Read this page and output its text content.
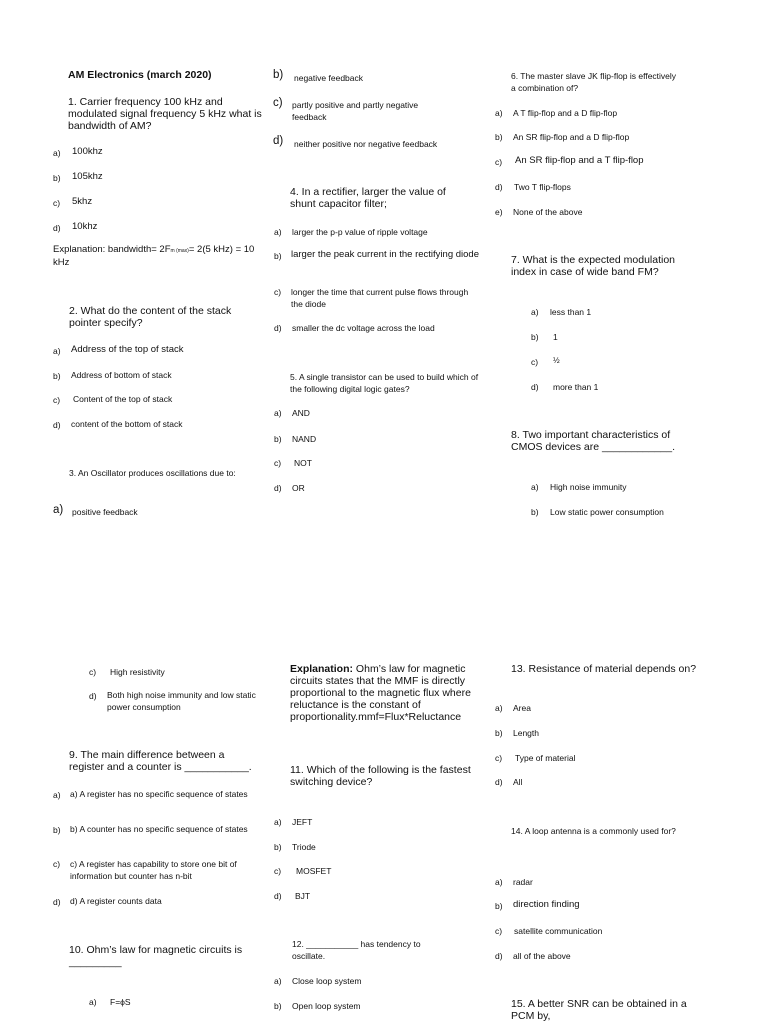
AM Electronics (march 2020)
1. Carrier frequency 100 kHz and modulated signal frequency 5 kHz what is bandwidth of AM?
a) 100khz
b) 105khz
c) 5khz
d) 10khz
Explanation: bandwidth= 2Fm (max)= 2(5 kHz) = 10 kHz
2. What do the content of the stack pointer specify?
a) Address of the top of stack
b) Address of bottom of stack
c) Content of the top of stack
d) content of the bottom of stack
3. An Oscillator produces oscillations due to:
a) positive feedback
b) negative feedback
c) partly positive and partly negative feedback
d) neither positive nor negative feedback
4. In a rectifier, larger the value of shunt capacitor filter;
a) larger the p-p value of ripple voltage
b) larger the peak current in the rectifying diode
c) longer the time that current pulse flows through the diode
d) smaller the dc voltage across the load
5. A single transistor can be used to build which of the following digital logic gates?
a) AND
b) NAND
c) NOT
d) OR
6. The master slave JK flip-flop is effectively a combination of?
a) A T flip-flop and a D flip-flop
b) An SR flip-flop and a D flip-flop
c) An SR flip-flop and a T flip-flop
d) Two T flip-flops
e) None of the above
7. What is the expected modulation index in case of wide band FM?
a) less than 1
b) 1
c) ½
d) more than 1
8. Two important characteristics of CMOS devices are ____________.
a) High noise immunity
b) Low static power consumption
c) High resistivity
d) Both high noise immunity and low static power consumption
9. The main difference between a register and a counter is ___________.
a) a) A register has no specific sequence of states
b) b) A counter has no specific sequence of states
c) c) A register has capability to store one bit of information but counter has n-bit
d) d) A register counts data
10. Ohm’s law for magnetic circuits is _________
a) F=ϕS
Explanation: Ohm’s law for magnetic circuits states that the MMF is directly proportional to the magnetic flux where reluctance is the constant of proportionality.mmf=Flux*Reluctance
11. Which of the following is the fastest switching device?
a) JEFT
b) Triode
c) MOSFET
d) BJT
12. ___________ has tendency to oscillate.
a) Close loop system
b) Open loop system
13. Resistance of material depends on?
a) Area
b) Length
c) Type of material
d) All
14. A loop antenna is a commonly used for?
a) radar
b) direction finding
c) satellite communication
d) all of the above
15. A better SNR can be obtained in a PCM by,
